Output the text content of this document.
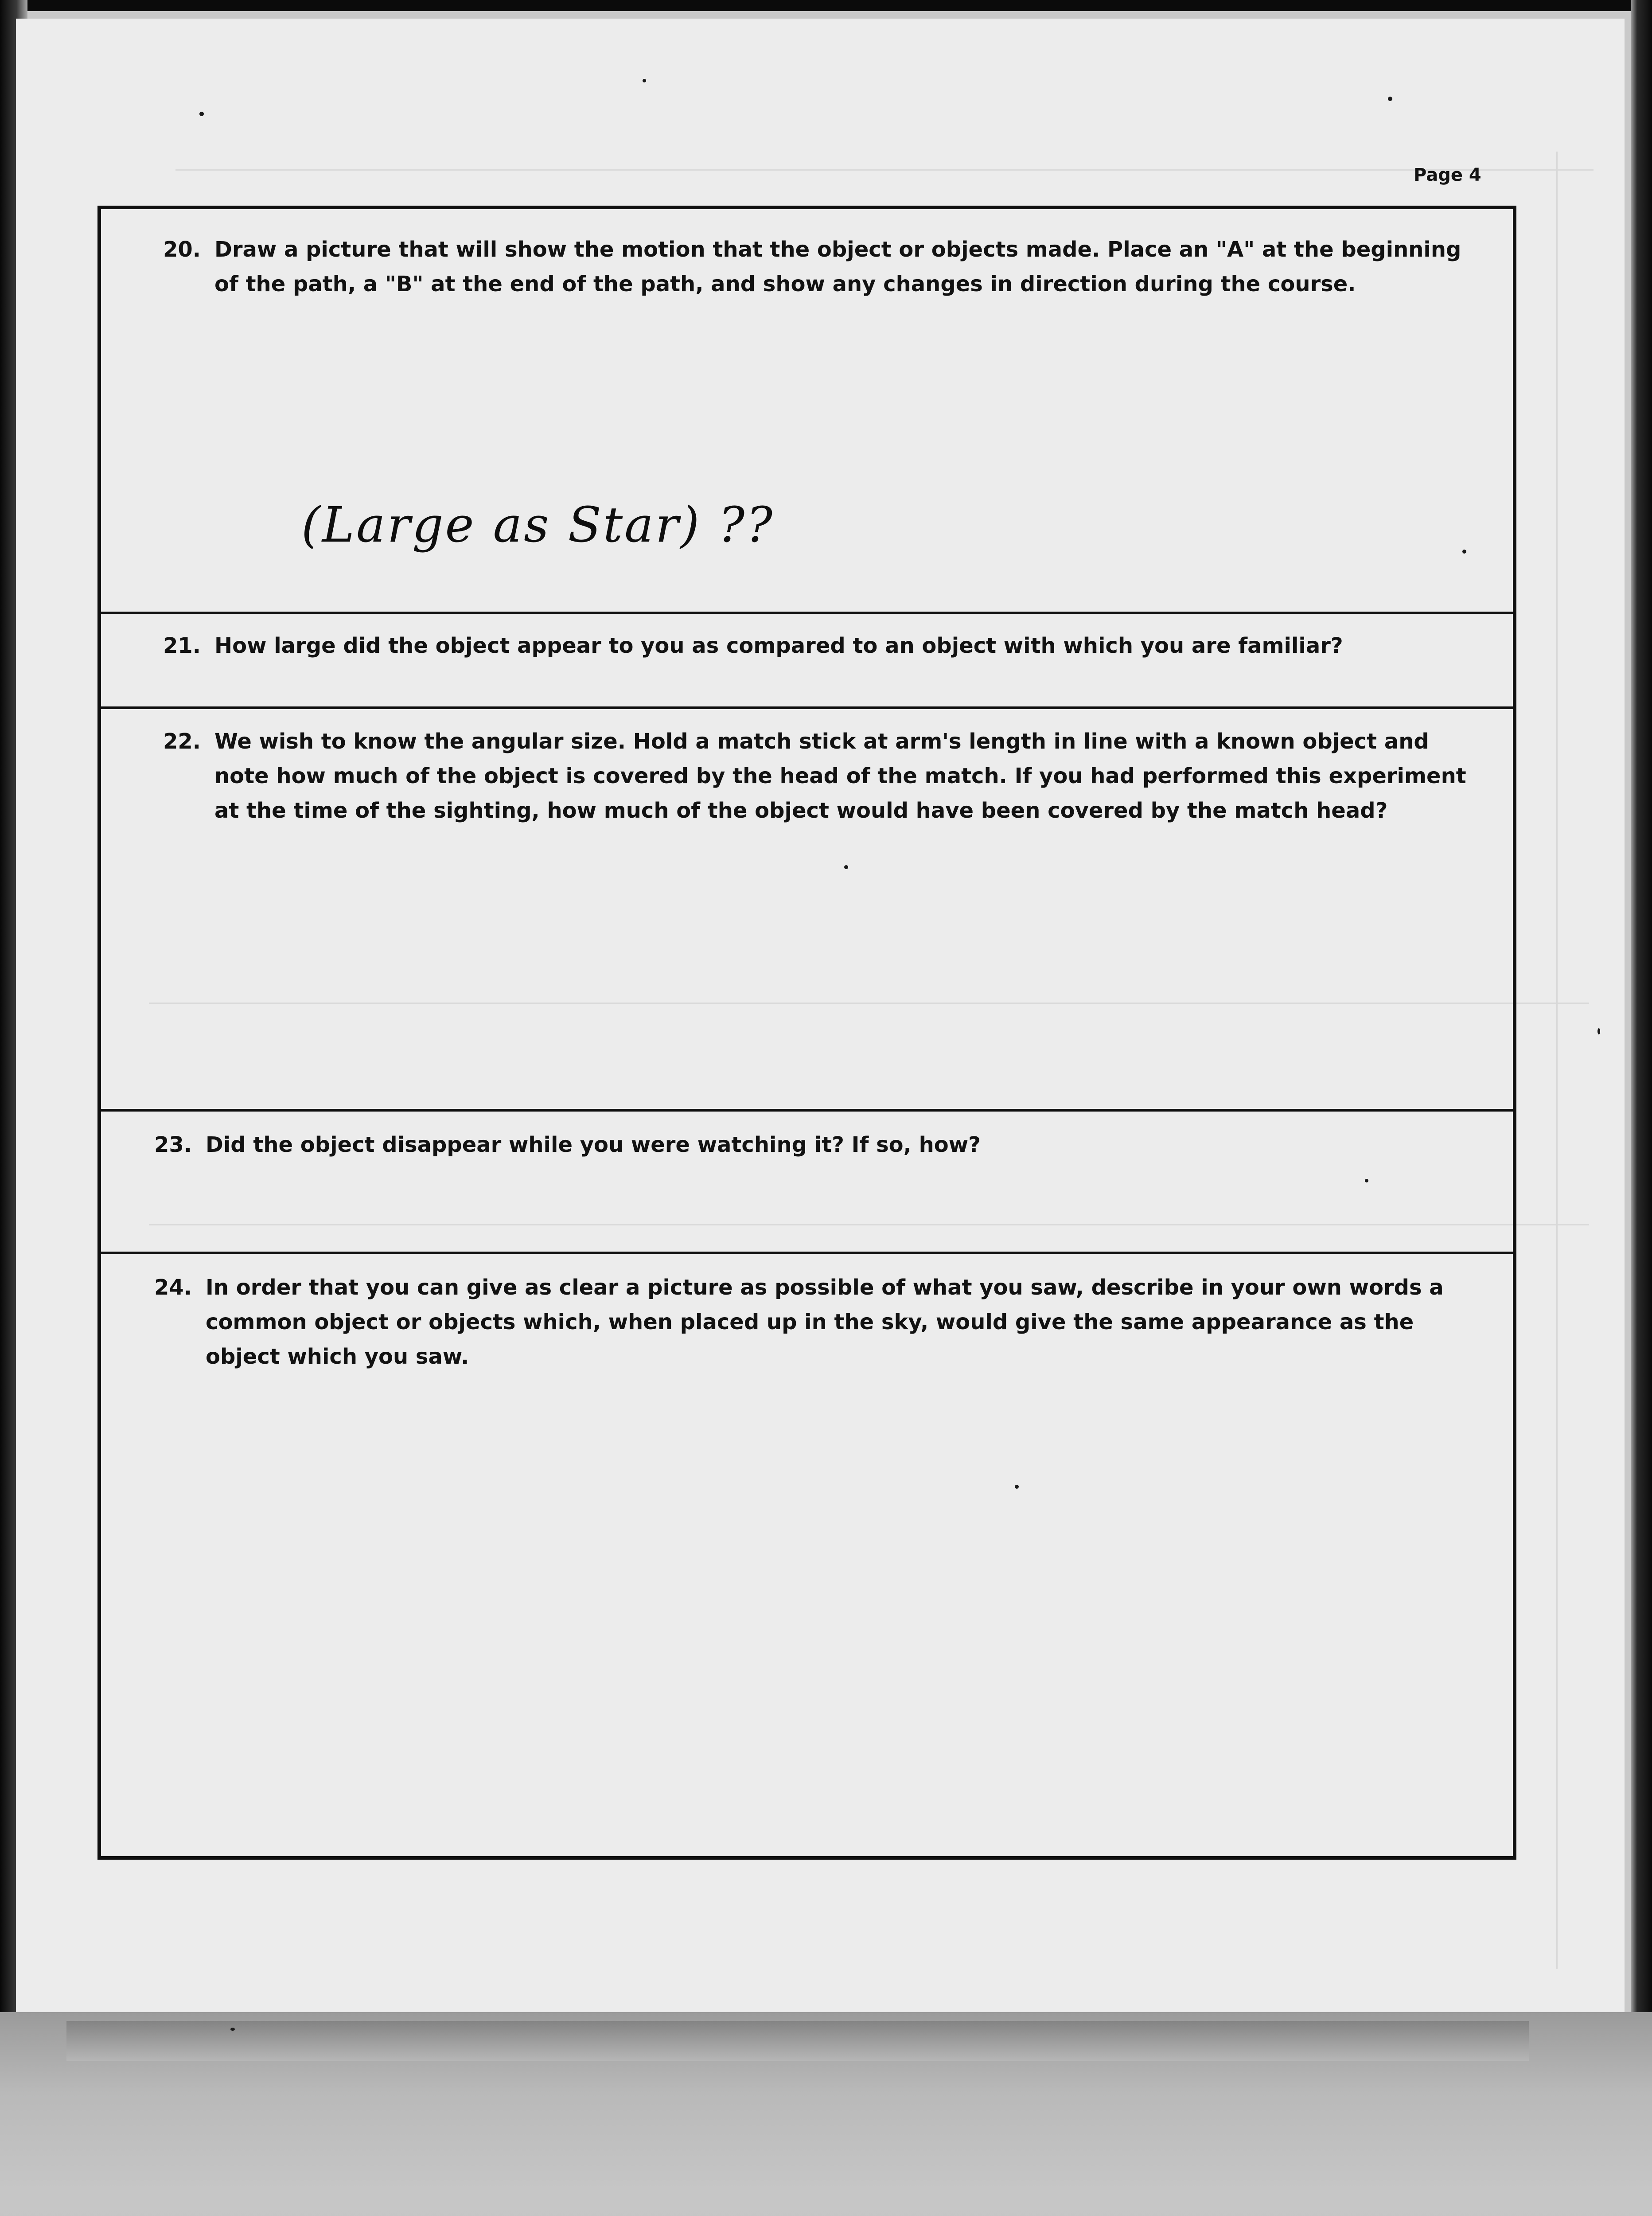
Page 4

20. Draw a picture that will show the motion that the object or objects made. Place an "A" at the beginning of the path, a "B" at the end of the path, and show any changes in direction during the course.
21. How large did the object appear to you as compared to an object with which you are familiar?
22. We wish to know the angular size. Hold a match stick at arm's length in line with a known object and note how much of the object is covered by the head of the match. If you had performed this experiment at the time of the sighting, how much of the object would have been covered by the match head?
23. Did the object disappear while you were watching it? If so, how?
24. In order that you can give as clear a picture as possible of what you saw, describe in your own words a common object or objects which, when placed up in the sky, would give the same appearance as the object which you saw.
(Large as Star) ??
